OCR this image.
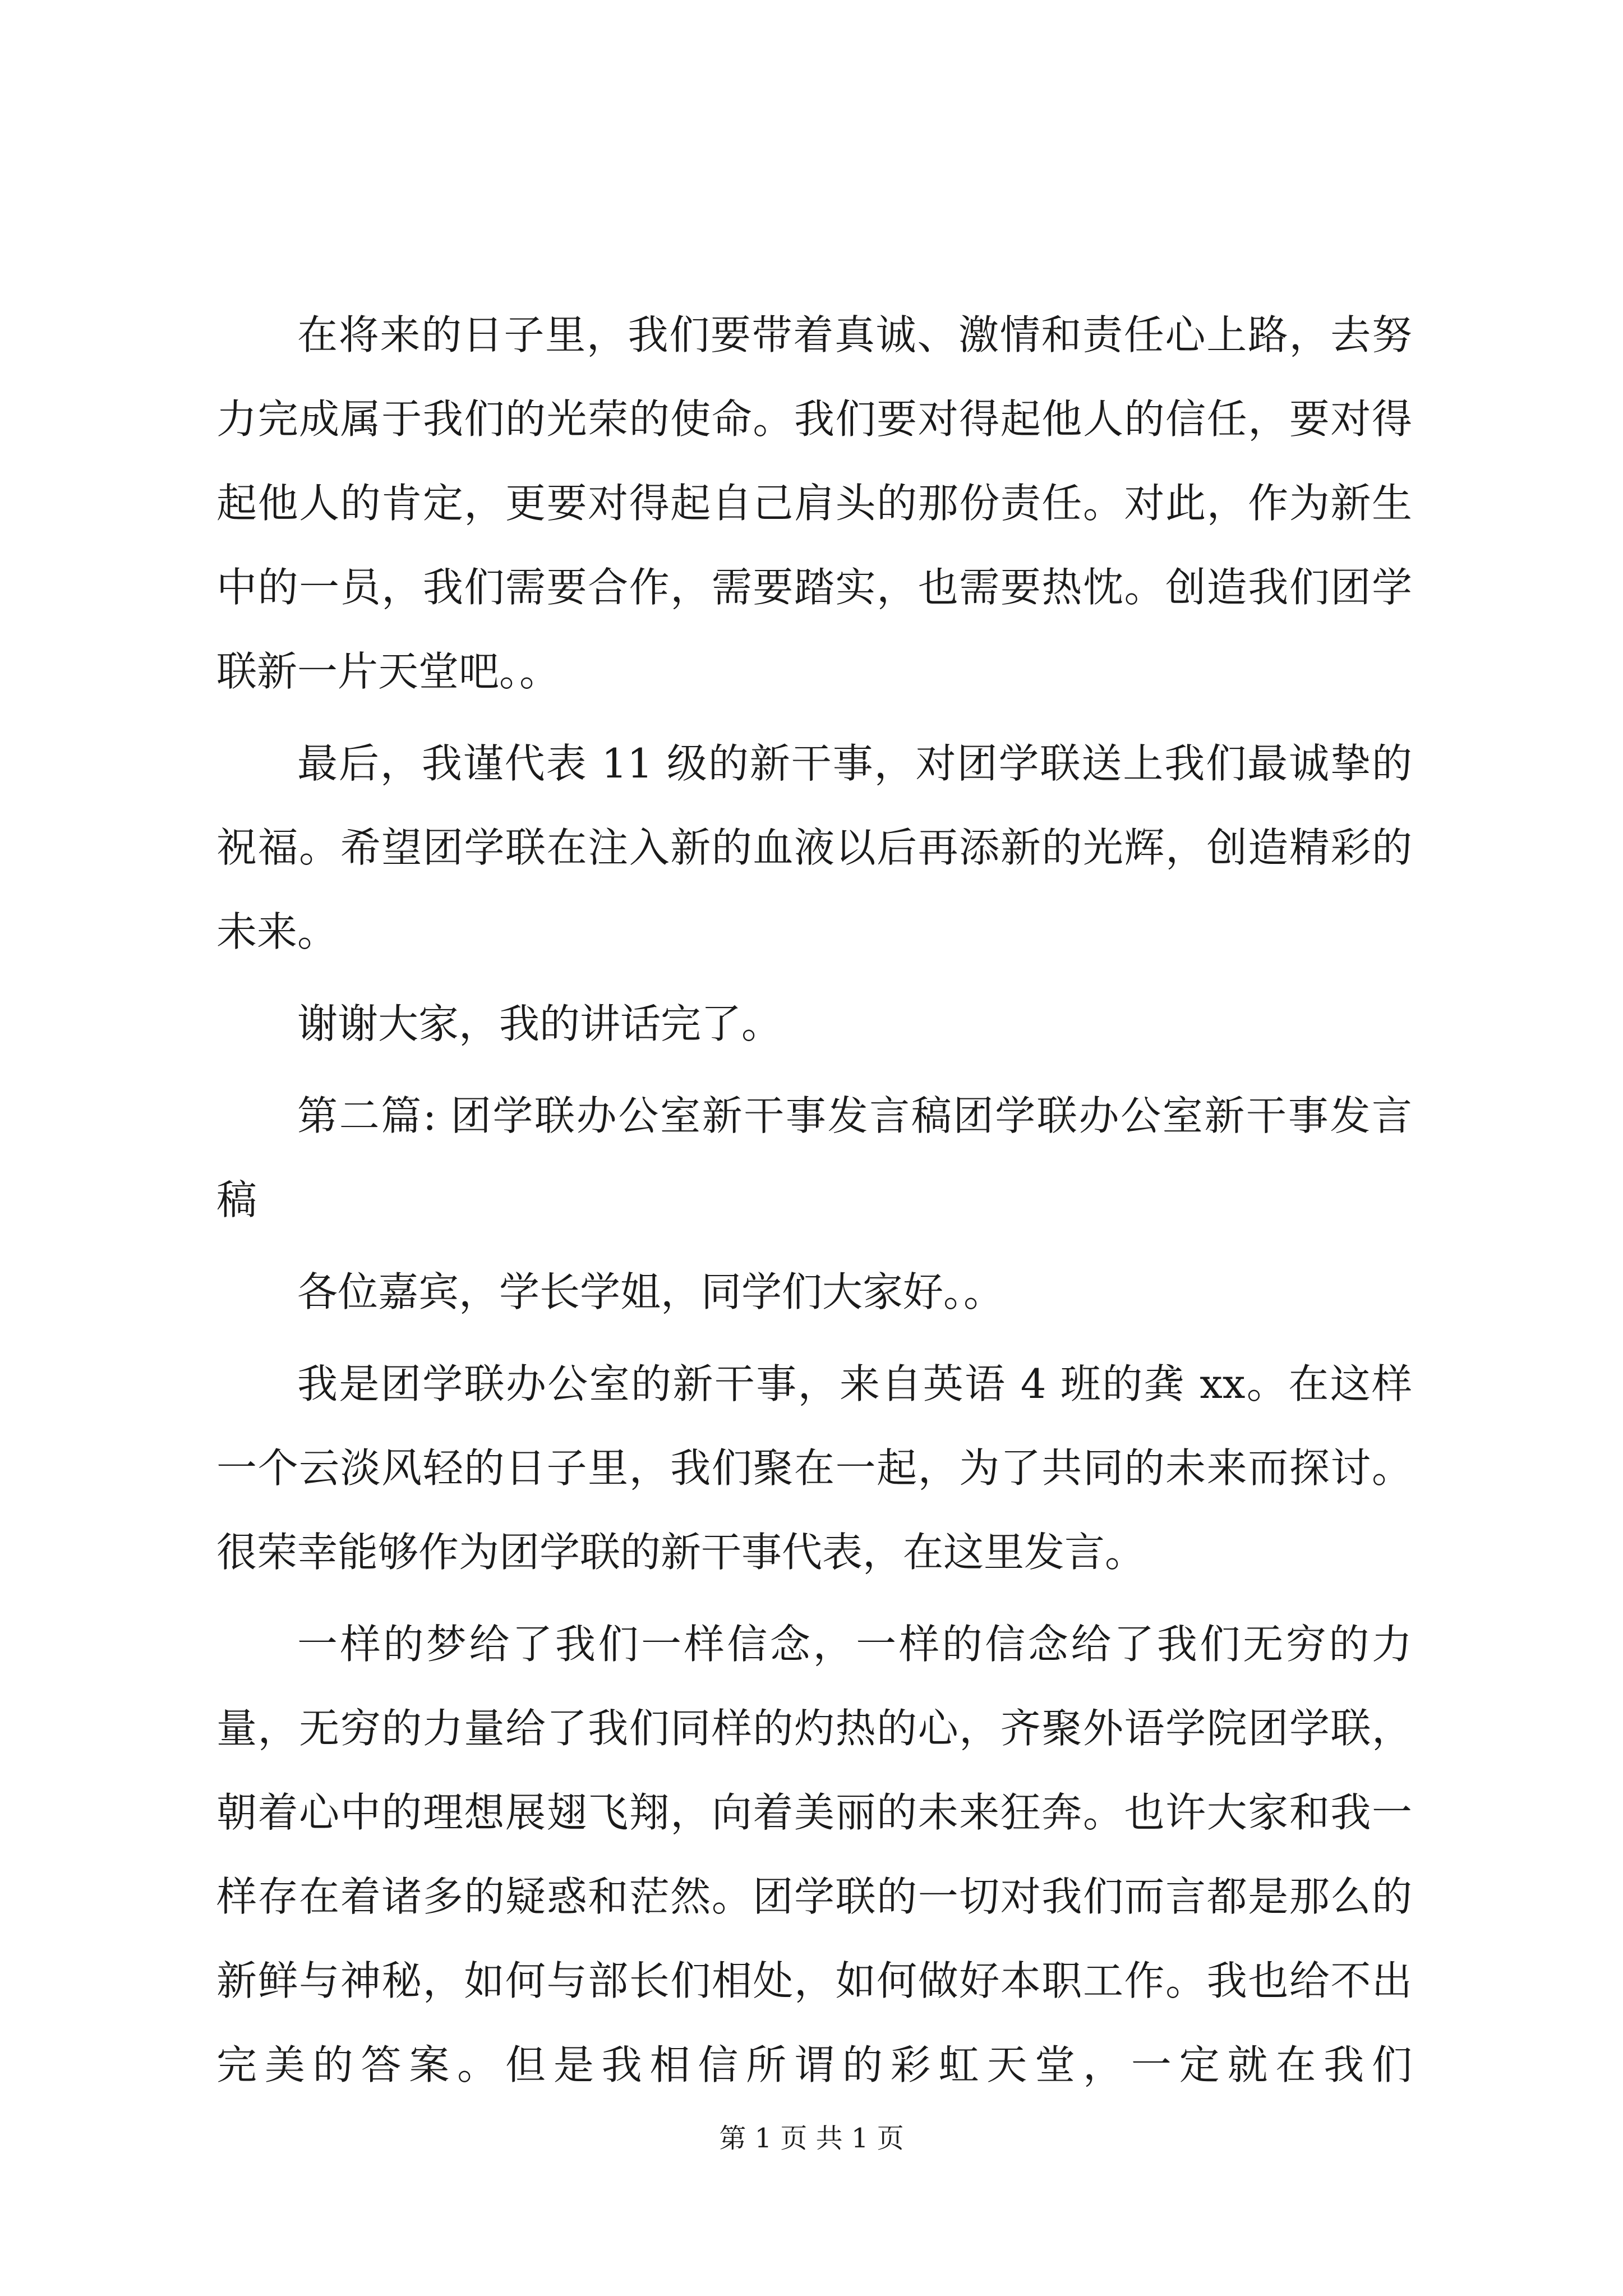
在将来的日子里，我们要带着真诚、激情和责任心上路，去努力完成属于我们的光荣的使命。我们要对得起他人的信任，要对得起他人的肯定，更要对得起自己肩头的那份责任。对此，作为新生中的一员，我们需要合作，需要踏实，也需要热忱。创造我们团学联新一片天堂吧。。

最后，我谨代表 11 级的新干事，对团学联送上我们最诚挚的祝福。希望团学联在注入新的血液以后再添新的光辉，创造精彩的未来。

谢谢大家，我的讲话完了。

第二篇: 团学联办公室新干事发言稿团学联办公室新干事发言稿

各位嘉宾，学长学姐，同学们大家好。。

我是团学联办公室的新干事，来自英语 4 班的龚 xx。在这样一个云淡风轻的日子里，我们聚在一起，为了共同的未来而探讨。很荣幸能够作为团学联的新干事代表，在这里发言。

一样的梦给了我们一样信念，一样的信念给了我们无穷的力量，无穷的力量给了我们同样的灼热的心，齐聚外语学院团学联，朝着心中的理想展翅飞翔，向着美丽的未来狂奔。也许大家和我一样存在着诸多的疑惑和茫然。团学联的一切对我们而言都是那么的新鲜与神秘，如何与部长们相处，如何做好本职工作。我也给不出完美的答案。但是我相信所谓的彩虹天堂，一定就在我们

第 1 页 共 1 页
